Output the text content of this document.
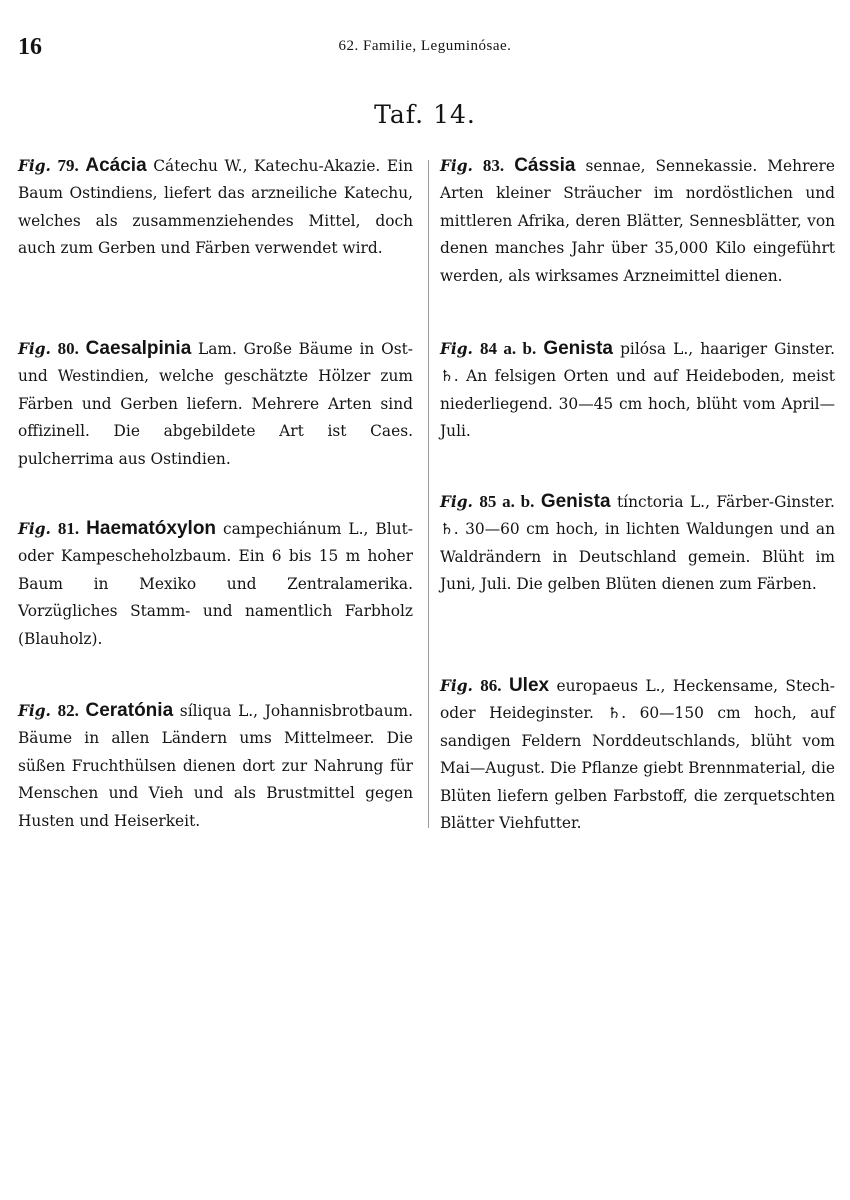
16	62. Familie, Leguminósae.
Taf. 14.
Fig. 79. Acácia Cátechu W., Katechu-Akazie. Ein Baum Ostindiens, liefert das arzneiliche Katechu, welches als zusammenziehendes Mittel, doch auch zum Gerben und Färben verwendet wird.
Fig. 80. Caesalpinia Lam. Große Bäume in Ost- und Westindien, welche geschätzte Hölzer zum Färben und Gerben liefern. Mehrere Arten sind offizinell. Die abgebildete Art ist Caes. pulcherrima aus Ostindien.
Fig. 81. Haematóxylon campechiánum L., Blut- oder Kampescheholzbaum. Ein 6 bis 15 m hoher Baum in Mexiko und Zentralamerika. Vorzügliches Stamm- und namentlich Farbholz (Blauholz).
Fig. 82. Ceratónia síliqua L., Johannisbrotbaum. Bäume in allen Ländern ums Mittelmeer. Die süßen Fruchthülsen dienen dort zur Nahrung für Menschen und Vieh und als Brustmittel gegen Husten und Heiserkeit.
Fig. 83. Cássia sennae, Sennekassie. Mehrere Arten kleiner Sträucher im nordöstlichen und mittleren Afrika, deren Blätter, Sennesblätter, von denen manches Jahr über 35,000 Kilo eingeführt werden, als wirksames Arzneimittel dienen.
Fig. 84 a. b. Genista pilósa L., haariger Ginster. ♄. An felsigen Orten und auf Heideboden, meist niederliegend. 30—45 cm hoch, blüht vom April—Juli.
Fig. 85 a. b. Genista tínctoria L., Färber-Ginster. ♄. 30—60 cm hoch, in lichten Waldungen und an Waldrändern in Deutschland gemein. Blüht im Juni, Juli. Die gelben Blüten dienen zum Färben.
Fig. 86. Ulex europaeus L., Heckensame, Stech- oder Heideginster. ♄. 60—150 cm hoch, auf sandigen Feldern Norddeutschlands, blüht vom Mai—August. Die Pflanze giebt Brennmaterial, die Blüten liefern gelben Farbstoff, die zerquetschten Blätter Viehfutter.
